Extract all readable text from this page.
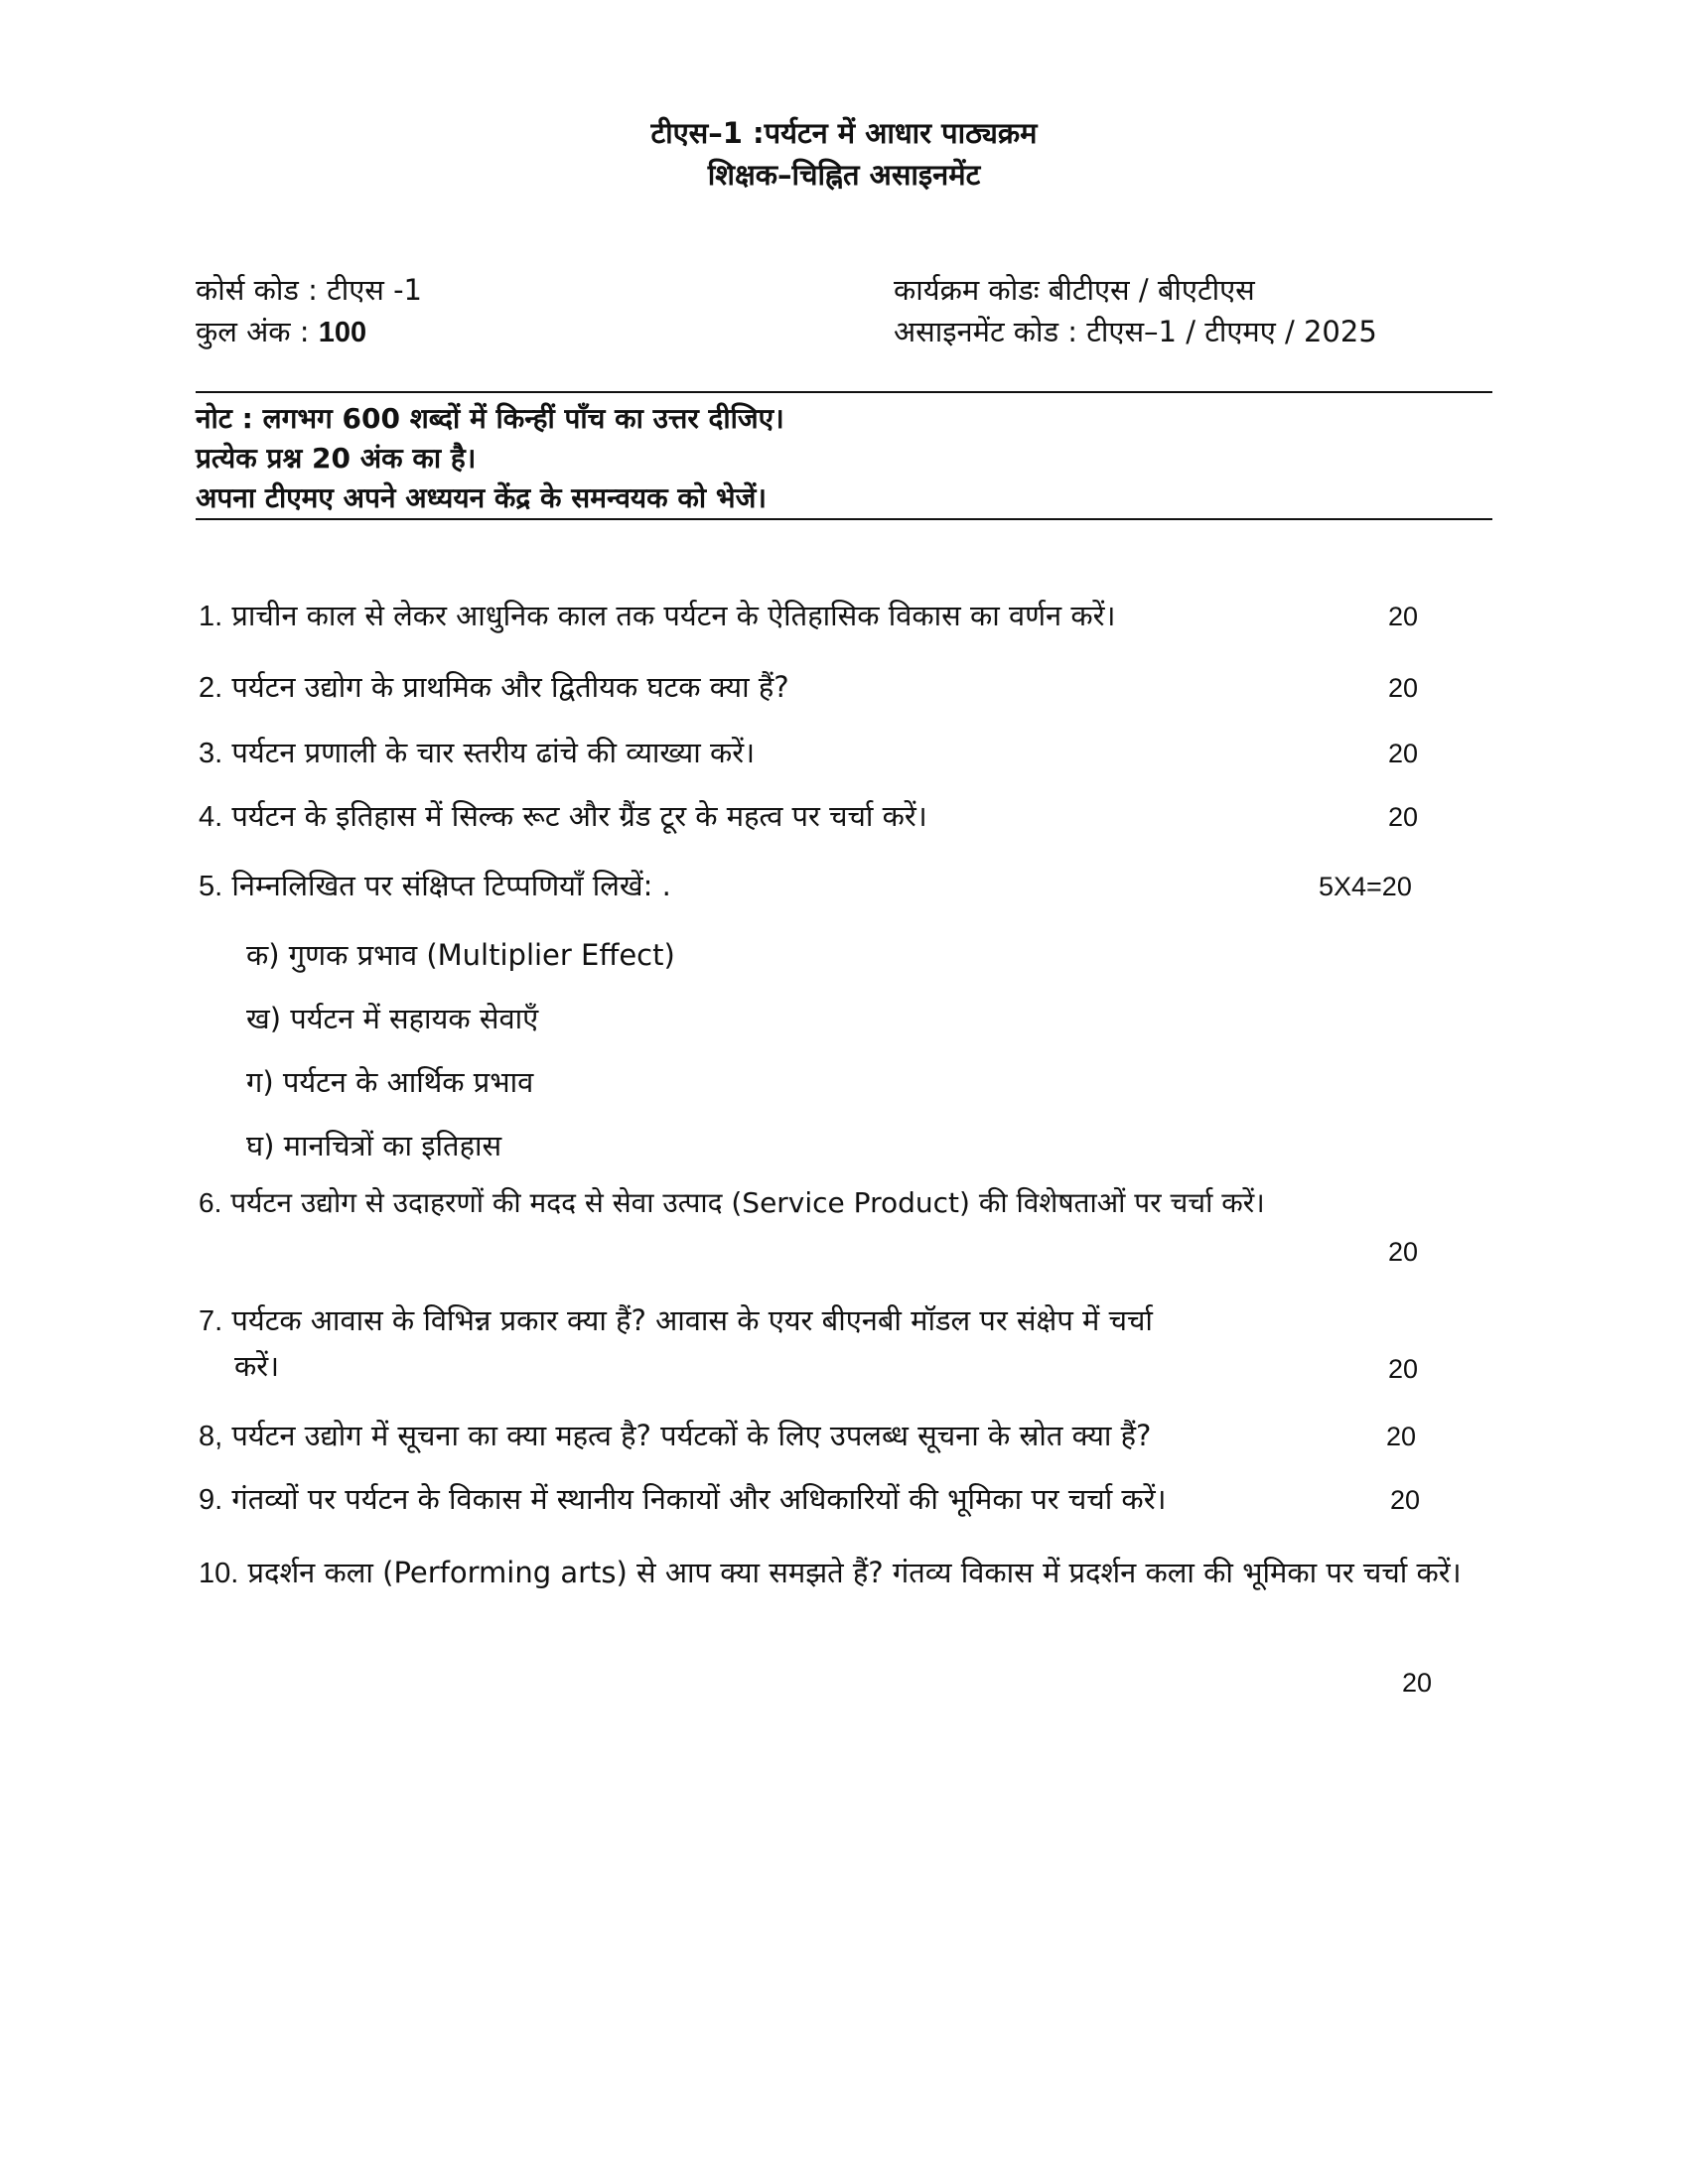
टीएस–1 :पर्यटन में आधार पाठ्यक्रम
शिक्षक–चिह्नित असाइनमेंट
कोर्स कोड : टीएस -1
कुल अंक : 100
कार्यक्रम कोडः बीटीएस / बीएटीएस
असाइनमेंट कोड : टीएस–1 / टीएमए / 2025
नोट : लगभग 600 शब्दों में किन्हीं पाँच का उत्तर दीजिए।
प्रत्येक प्रश्न 20 अंक का है।
अपना टीएमए अपने अध्ययन केंद्र के समन्वयक को भेजें।
1. प्राचीन काल से लेकर आधुनिक काल तक पर्यटन के ऐतिहासिक विकास का वर्णन करें।	20
2. पर्यटन उद्योग के प्राथमिक और द्वितीयक घटक क्या हैं?	20
3. पर्यटन प्रणाली के चार स्तरीय ढांचे की व्याख्या करें।	20
4. पर्यटन के इतिहास में सिल्क रूट और ग्रैंड टूर के महत्व पर चर्चा करें।	20
5. निम्नलिखित पर संक्षिप्त टिप्पणियाँ लिखें: .	5X4=20
क) गुणक प्रभाव (Multiplier Effect)
ख) पर्यटन में सहायक सेवाएँ
ग) पर्यटन के आर्थिक प्रभाव
घ) मानचित्रों का इतिहास
6. पर्यटन उद्योग से उदाहरणों की मदद से सेवा उत्पाद (Service Product) की विशेषताओं पर चर्चा करें।
20
7. पर्यटक आवास के विभिन्न प्रकार क्या हैं? आवास के एयर बीएनबी मॉडल पर संक्षेप में चर्चा
करें।	20
8, पर्यटन उद्योग में सूचना का क्या महत्व है? पर्यटकों के लिए उपलब्ध सूचना के स्रोत क्या हैं?	20
9. गंतव्यों पर पर्यटन के विकास में स्थानीय निकायों और अधिकारियों की भूमिका पर चर्चा करें।	20
10. प्रदर्शन कला (Performing arts) से आप क्या समझते हैं? गंतव्य विकास में प्रदर्शन कला की भूमिका पर चर्चा करें।
20
